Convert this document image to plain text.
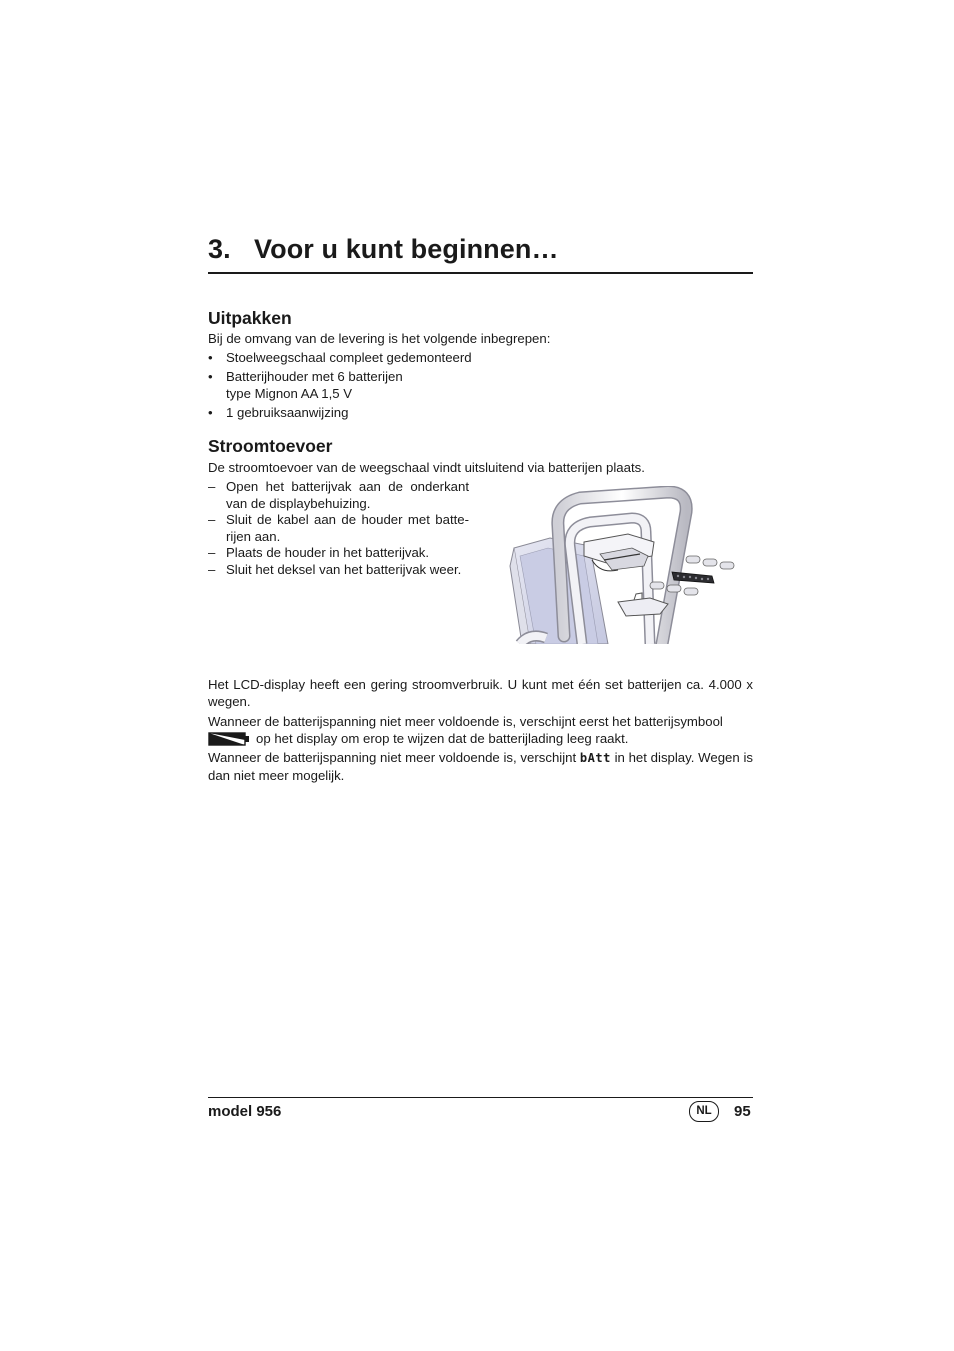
3. Voor u kunt beginnen…
Uitpakken
Bij de omvang van de levering is het volgende inbegrepen:
• Stoelweegschaal compleet gedemonteerd
• Batterijhouder met 6 batterijen
type Mignon AA 1,5 V
• 1 gebruiksaanwijzing
Stroomtoevoer
De stroomtoevoer van de weegschaal vindt uitsluitend via batterijen plaats.
– Open het batterijvak aan de onderkant van de displaybehuizing.
– Sluit de kabel aan de houder met batte-rijen aan.
– Plaats de houder in het batterijvak.
– Sluit het deksel van het batterijvak weer.
Het LCD-display heeft een gering stroomverbruik. U kunt met één set batterijen ca. 4.000 x wegen.
Wanneer de batterijspanning niet meer voldoende is, verschijnt eerst het batterijsymbool
op het display om erop te wijzen dat de batterijlading leeg raakt.
Wanneer de batterijspanning niet meer voldoende is, verschijnt bAtt in het display. Wegen is dan niet meer mogelijk.
model 956	NL	95
